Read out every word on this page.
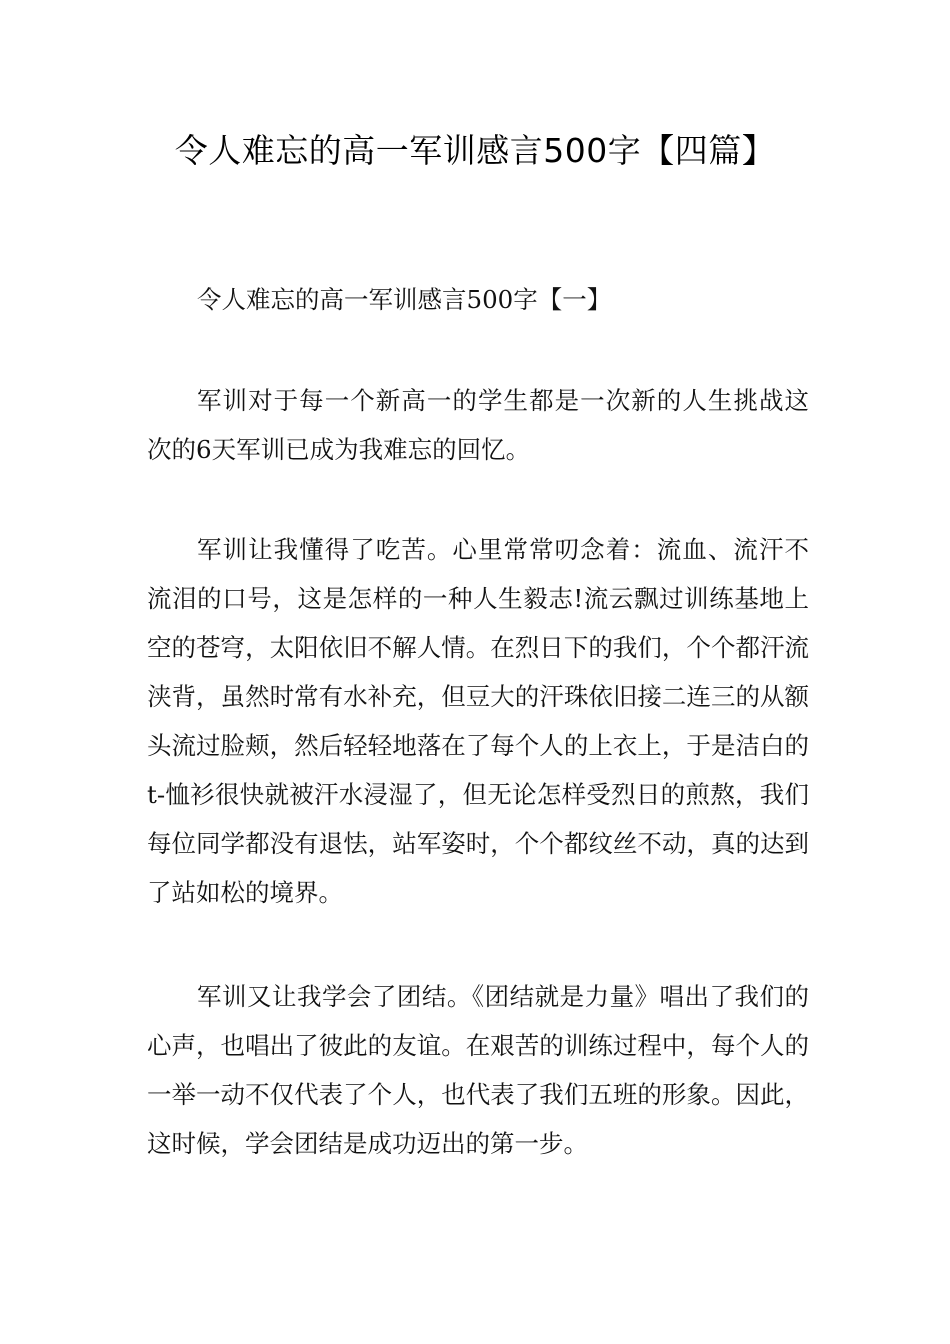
令人难忘的高一军训感言500字【四篇】
令人难忘的高一军训感言500字【一】

军训对于每一个新高一的学生都是一次新的人生挑战这次的6天军训已成为我难忘的回忆。

军训让我懂得了吃苦。心里常常叨念着：流血、流汗不流泪的口号，这是怎样的一种人生毅志!流云飘过训练基地上空的苍穹，太阳依旧不解人情。在烈日下的我们，个个都汗流浃背，虽然时常有水补充，但豆大的汗珠依旧接二连三的从额头流过脸颊，然后轻轻地落在了每个人的上衣上，于是洁白的t-恤衫很快就被汗水浸湿了，但无论怎样受烈日的煎熬，我们每位同学都没有退怯，站军姿时，个个都纹丝不动，真的达到了站如松的境界。

军训又让我学会了团结。《团结就是力量》唱出了我们的心声，也唱出了彼此的友谊。在艰苦的训练过程中，每个人的一举一动不仅代表了个人，也代表了我们五班的形象。因此，这时候，学会团结是成功迈出的第一步。
